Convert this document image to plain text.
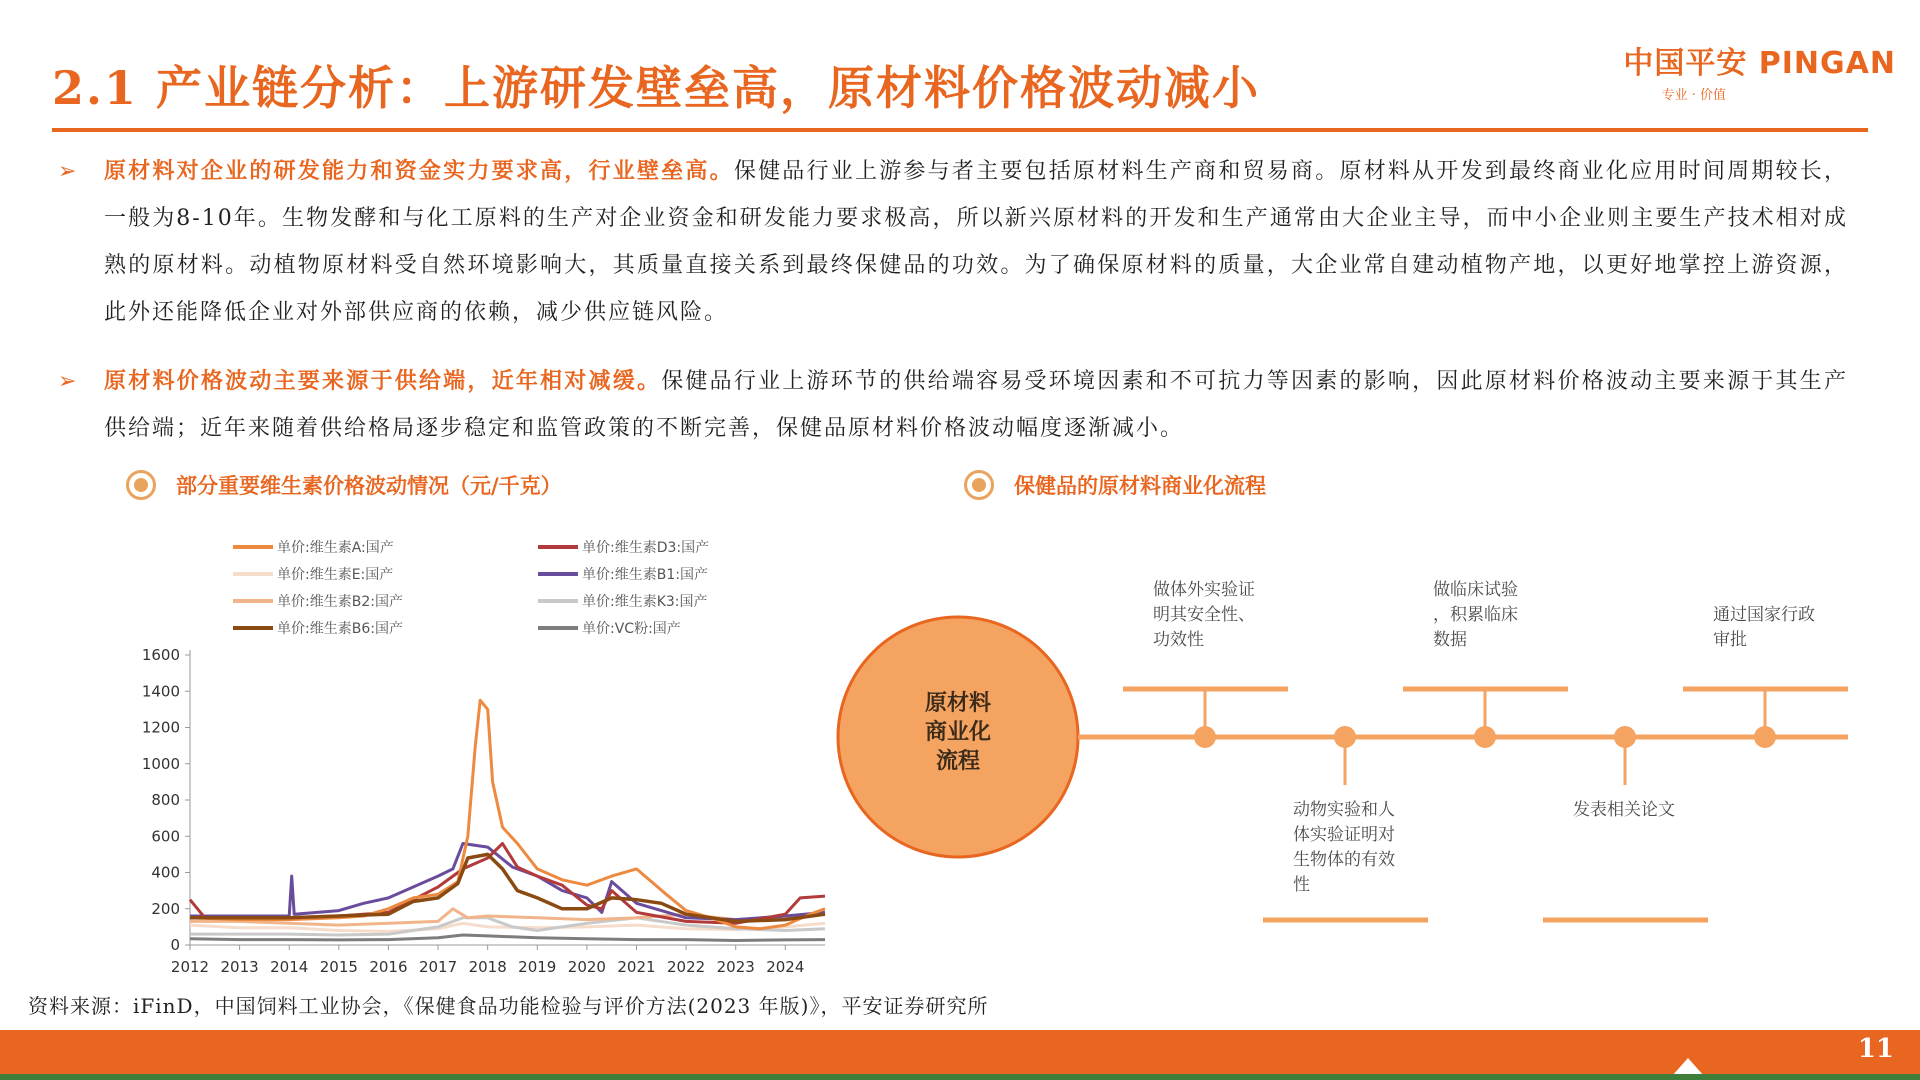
2.1 产业链分析：上游研发壁垒高，原材料价格波动减小	中国平安 PINGAN
专业 · 价值
➢	原材料对企业的研发能力和资金实力要求高，行业壁垒高。保健品行业上游参与者主要包括原材料生产商和贸易商。原材料从开发到最终商业化应用时间周期较长，一般为8-10年。生物发酵和与化工原料的生产对企业资金和研发能力要求极高，所以新兴原材料的开发和生产通常由大企业主导，而中小企业则主要生产技术相对成熟的原材料。动植物原材料受自然环境影响大，其质量直接关系到最终保健品的功效。为了确保原材料的质量，大企业常自建动植物产地，以更好地掌控上游资源，此外还能降低企业对外部供应商的依赖，减少供应链风险。
➢	原材料价格波动主要来源于供给端，近年相对减缓。保健品行业上游环节的供给端容易受环境因素和不可抗力等因素的影响，因此原材料价格波动主要来源于其生产供给端；近年来随着供给格局逐步稳定和监管政策的不断完善，保健品原材料价格波动幅度逐渐减小。
部分重要维生素价格波动情况（元/千克）	保健品的原材料商业化流程
单价:维生素A:国产	单价:维生素D3:国产
单价:维生素E:国产	单价:维生素B1:国产
单价:维生素B2:国产	单价:维生素K3:国产
单价:维生素B6:国产	单价:VC粉:国产
0
200
400
600
800
1000
1200
1400
1600
2012 2013 2014 2015 2016 2017 2018 2019 2020 2021 2022 2023 2024
原材料
商业化
流程
做体外实验证
明其安全性、
功效性
动物实验和人
体实验证明对
生物体的有效
性
做临床试验
，积累临床
数据
发表相关论文
通过国家行政
审批
资料来源：iFinD，中国饲料工业协会，《保健食品功能检验与评价方法(2023 年版)》，平安证券研究所
11
